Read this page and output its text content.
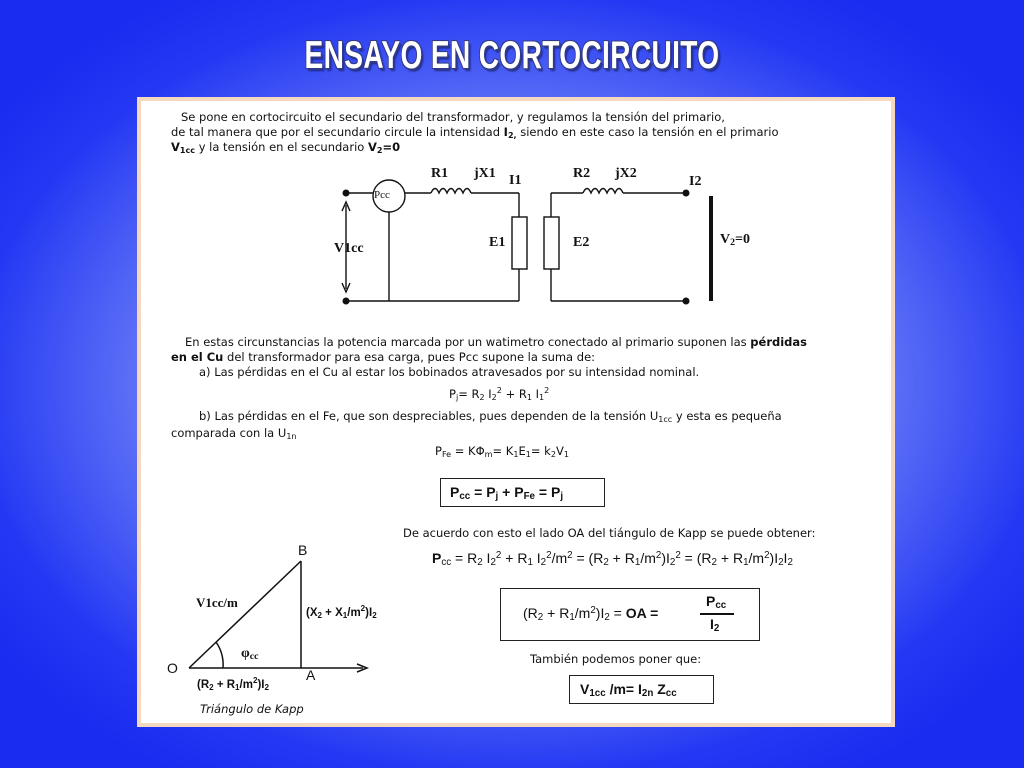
ENSAYO EN CORTOCIRCUITO
Se pone en cortocircuito el secundario del transformador, y regulamos la tensión del primario,
de tal manera que por el secundario circule la intensidad $I_{2,}$ siendo en este caso la tensión en el primario
$V_{1cc}$ y la tensión en el secundario $V_2=0$
Pcc
R1 jX1 I1	R2 jX2
I2
V1cc	E1	E2	$V_2=0$
En estas circunstancias la potencia marcada por un watimetro conectado al primario suponen las pérdidas
en el Cu del transformador para esa carga, pues Pcc supone la suma de:
a) Las pérdidas en el Cu al estar los bobinados atravesados por su intensidad nominal.
$P_j= R_2$ $I_2^2 + R_1$ $I_1^2$
b) Las pérdidas en el Fe, que son despreciables, pues dependen de la tensión $U_{1cc}$ y esta es pequeña
comparada con la $U_{1n}$
$P_{Fe} = K\Phi_m= K_1E_1= k_2V_1$
$P_{cc} = P_j + P_{Fe} = P_j$
De acuerdo con esto el lado OA del tiángulo de Kapp se puede obtener:
$P_{cc} = R_2$ $I_2^2 + R_1$ $I_2^2/m^2 = (R_2 + R_1/m^2)I_2^2 = (R_2 + R_1/m^2)I_2I_2$
$(R_2 + R_1/m^2)I_2$ = OA =
$P_{cc}$
$I_2$
También podemos poner que:
$V_{1cc}$ $/m= I_{2n}$ $Z_{cc}$
B
O	A
V1cc/m
$(X_2 + X_1/m^2)I_2$
$\varphi_{cc}$
$(R_2 + R_1/m^2)I_2$
Triángulo de Kapp
